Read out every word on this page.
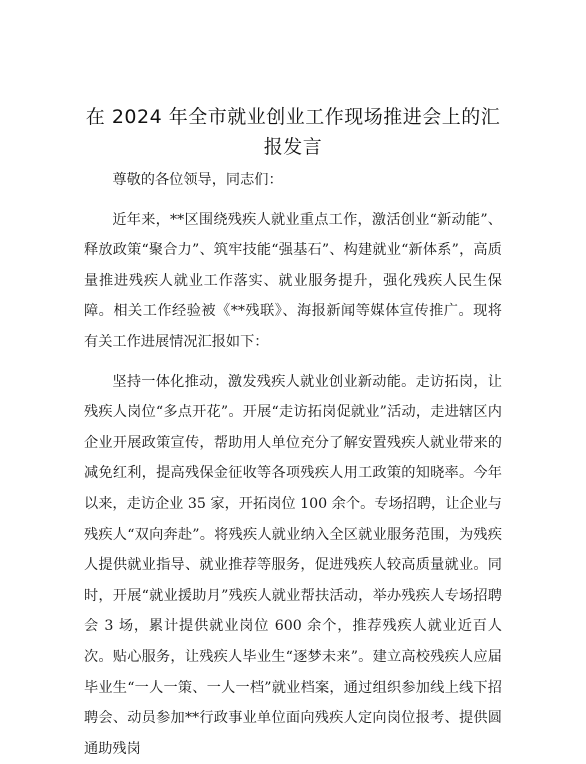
在 2024 年全市就业创业工作现场推进会上的汇报发言

尊敬的各位领导，同志们：

近年来，**区围绕残疾人就业重点工作，激活创业“新动能”、释放政策“聚合力”、筑牢技能“强基石”、构建就业“新体系”，高质量推进残疾人就业工作落实、就业服务提升，强化残疾人民生保障。相关工作经验被《**残联》、海报新闻等媒体宣传推广。现将有关工作进展情况汇报如下：

坚持一体化推动，激发残疾人就业创业新动能。走访拓岗，让残疾人岗位“多点开花”。开展“走访拓岗促就业”活动，走进辖区内企业开展政策宣传，帮助用人单位充分了解安置残疾人就业带来的减免红利，提高残保金征收等各项残疾人用工政策的知晓率。今年以来，走访企业 35 家，开拓岗位 100 余个。专场招聘，让企业与残疾人“双向奔赴”。将残疾人就业纳入全区就业服务范围，为残疾人提供就业指导、就业推荐等服务，促进残疾人较高质量就业。同时，开展“就业援助月”残疾人就业帮扶活动，举办残疾人专场招聘会 3 场，累计提供就业岗位 600 余个，推荐残疾人就业近百人次。贴心服务，让残疾人毕业生“逐梦未来”。建立高校残疾人应届毕业生“一人一策、一人一档”就业档案，通过组织参加线上线下招聘会、动员参加**行政事业单位面向残疾人定向岗位报考、提供圆通助残岗
